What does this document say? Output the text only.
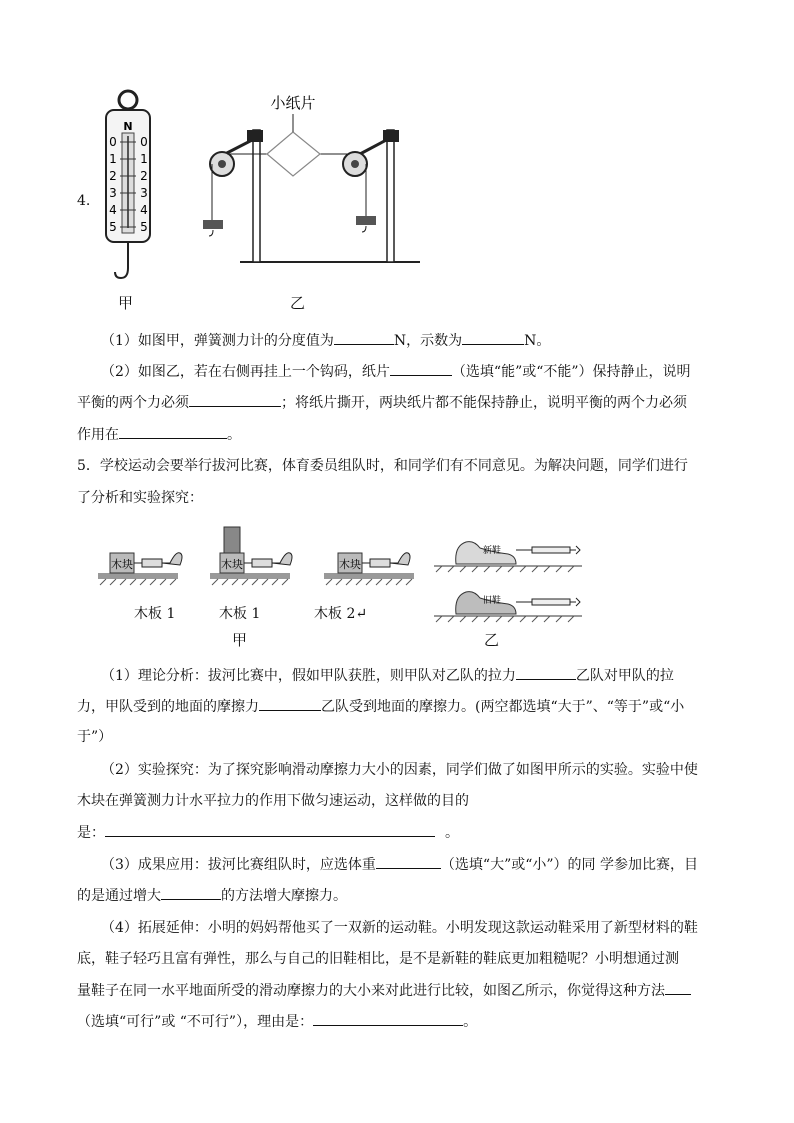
4.
N
0 0
1 1
2 2
3 3
4 4
5 5
甲
小纸片
乙
（1）如图甲，弹簧测力计的分度值为	N，示数为	N。
（2）如图乙，若在右侧再挂上一个钩码，纸片	（选填“能”或“不能”）保持静止，说明
平衡的两个力必须	；将纸片撕开，两块纸片都不能保持静止，说明平衡的两个力必须
作用在	。
5．学校运动会要举行拔河比赛，体育委员组队时，和同学们有不同意见。为解决问题，同学们进行
了分析和实验探究：
木块	木块	木块
木板 1	木板 1	木板 2↵
甲
新鞋
旧鞋
乙
（1）理论分析：拔河比赛中，假如甲队获胜，则甲队对乙队的拉力	乙队对甲队的拉
力，甲队受到的地面的摩擦力	乙队受到地面的摩擦力。(两空都选填“大于”、“等于”或“小
于”）
（2）实验探究：为了探究影响滑动摩擦力大小的因素，同学们做了如图甲所示的实验。实验中使
木块在弹簧测力计水平拉力的作用下做匀速运动，这样做的目的
是：	。
（3）成果应用：拔河比赛组队时，应选体重	（选填“大”或“小”）的同 学参加比赛，目
的是通过增大	的方法增大摩擦力。
（4）拓展延伸：小明的妈妈帮他买了一双新的运动鞋。小明发现这款运动鞋采用了新型材料的鞋
底，鞋子轻巧且富有弹性，那么与自己的旧鞋相比，是不是新鞋的鞋底更加粗糙呢？小明想通过测
量鞋子在同一水平地面所受的滑动摩擦力的大小来对此进行比较，如图乙所示，你觉得这种方法
（选填“可行”或 “不可行”），理由是：	。
